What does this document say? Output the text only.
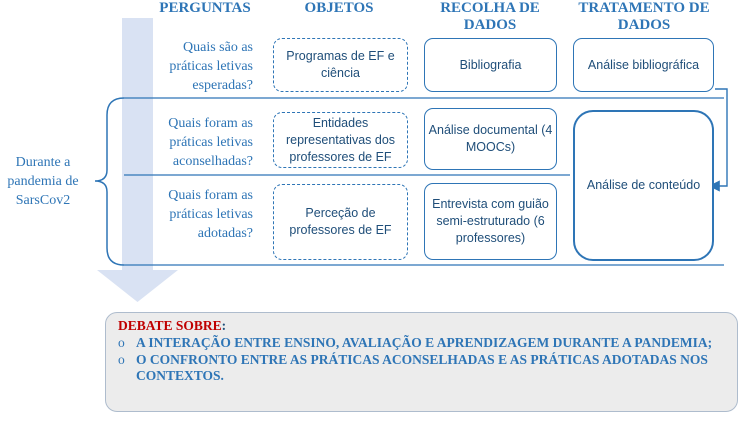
PERGUNTAS	OBJETOS	RECOLHA DE DADOS
TRATAMENTO DE DADOS
Durante a pandemia de SarsCov2
Quais são as práticas letivas esperadas?
Quais foram as práticas letivas aconselhadas?
Quais foram as práticas letivas adotadas?
Programas de EF e ciência
Entidades representativas dos professores de EF
Perceção de professores de EF
Bibliografia
Análise documental (4 MOOCs)
Entrevista com guião semi-estruturado (6 professores)
Análise bibliográfica
Análise de conteúdo
DEBATE SOBRE:
o A INTERAÇÃO ENTRE ENSINO, AVALIAÇÃO E APRENDIZAGEM DURANTE A PANDEMIA;
o O CONFRONTO ENTRE AS PRÁTICAS ACONSELHADAS E AS PRÁTICAS ADOTADAS NOS CONTEXTOS.
